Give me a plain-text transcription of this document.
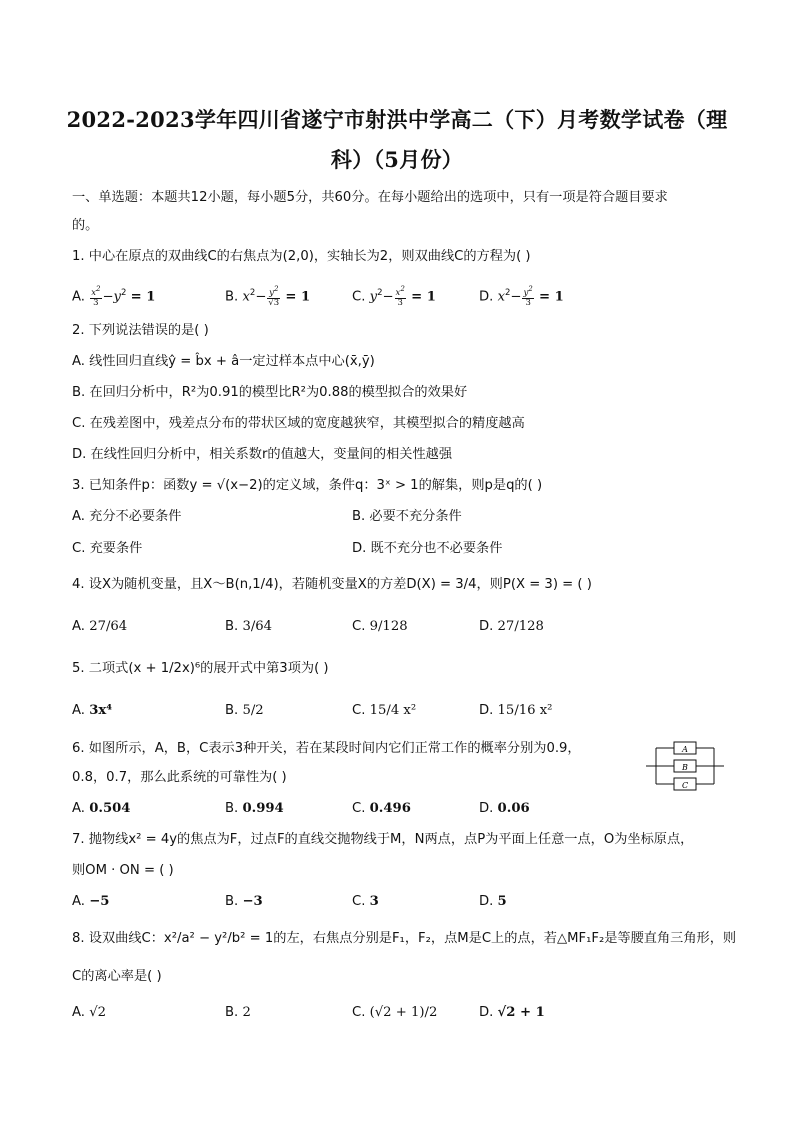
2022-2023学年四川省遂宁市射洪中学高二（下）月考数学试卷（理
科）（5月份）
一、单选题：本题共12小题，每小题5分，共60分。在每小题给出的选项中，只有一项是符合题目要求
的。
1. 中心在原点的双曲线C的右焦点为(2,0)，实轴长为2，则双曲线C的方程为( )
A. $\frac{x^2}{3} -y^2 = 1$	B. $x^2- \frac{y^2}{√3} = 1$	C. $y^2- \frac{x^2}{3} = 1$	D. $x^2- \frac{y^2}{3} = 1$
2. 下列说法错误的是( )
A. 线性回归直线ŷ = b̂x + â一定过样本点中心(x̄,ȳ)
B. 在回归分析中，R²为0.91的模型比R²为0.88的模型拟合的效果好
C. 在残差图中，残差点分布的带状区域的宽度越狭窄，其模型拟合的精度越高
D. 在线性回归分析中，相关系数r的值越大，变量间的相关性越强
3. 已知条件p：函数y = √(x−2)的定义域，条件q：3ˣ > 1的解集，则p是q的( )
A. 充分不必要条件	B. 必要不充分条件
C. 充要条件	D. 既不充分也不必要条件
4. 设X为随机变量，且X～B(n,1/4)，若随机变量X的方差D(X) = 3/4，则P(X = 3) = ( )
A. 27/64	B. 3/64	C. 9/128	D. 27/128
5. 二项式(x + 1/2x)⁶的展开式中第3项为( )
A. 3x⁴	B. 5/2	C. 15/4 x²	D. 15/16 x²
6. 如图所示，A，B，C表示3种开关，若在某段时间内它们正常工作的概率分别为0.9，
0.8，0.7，那么此系统的可靠性为( )
A. 0.504	B. 0.994	C. 0.496	D. 0.06
A
B
C
7. 抛物线x² = 4y的焦点为F，过点F的直线交抛物线于M，N两点，点P为平面上任意一点，O为坐标原点，
则OM · ON = ( )
A. −5	B. −3	C. 3	D. 5
8. 设双曲线C：x²/a² − y²/b² = 1的左，右焦点分别是F₁，F₂，点M是C上的点，若△MF₁F₂是等腰直角三角形，则
C的离心率是( )
A. √2	B. 2	C. (√2 + 1)/2	D. √2 + 1
